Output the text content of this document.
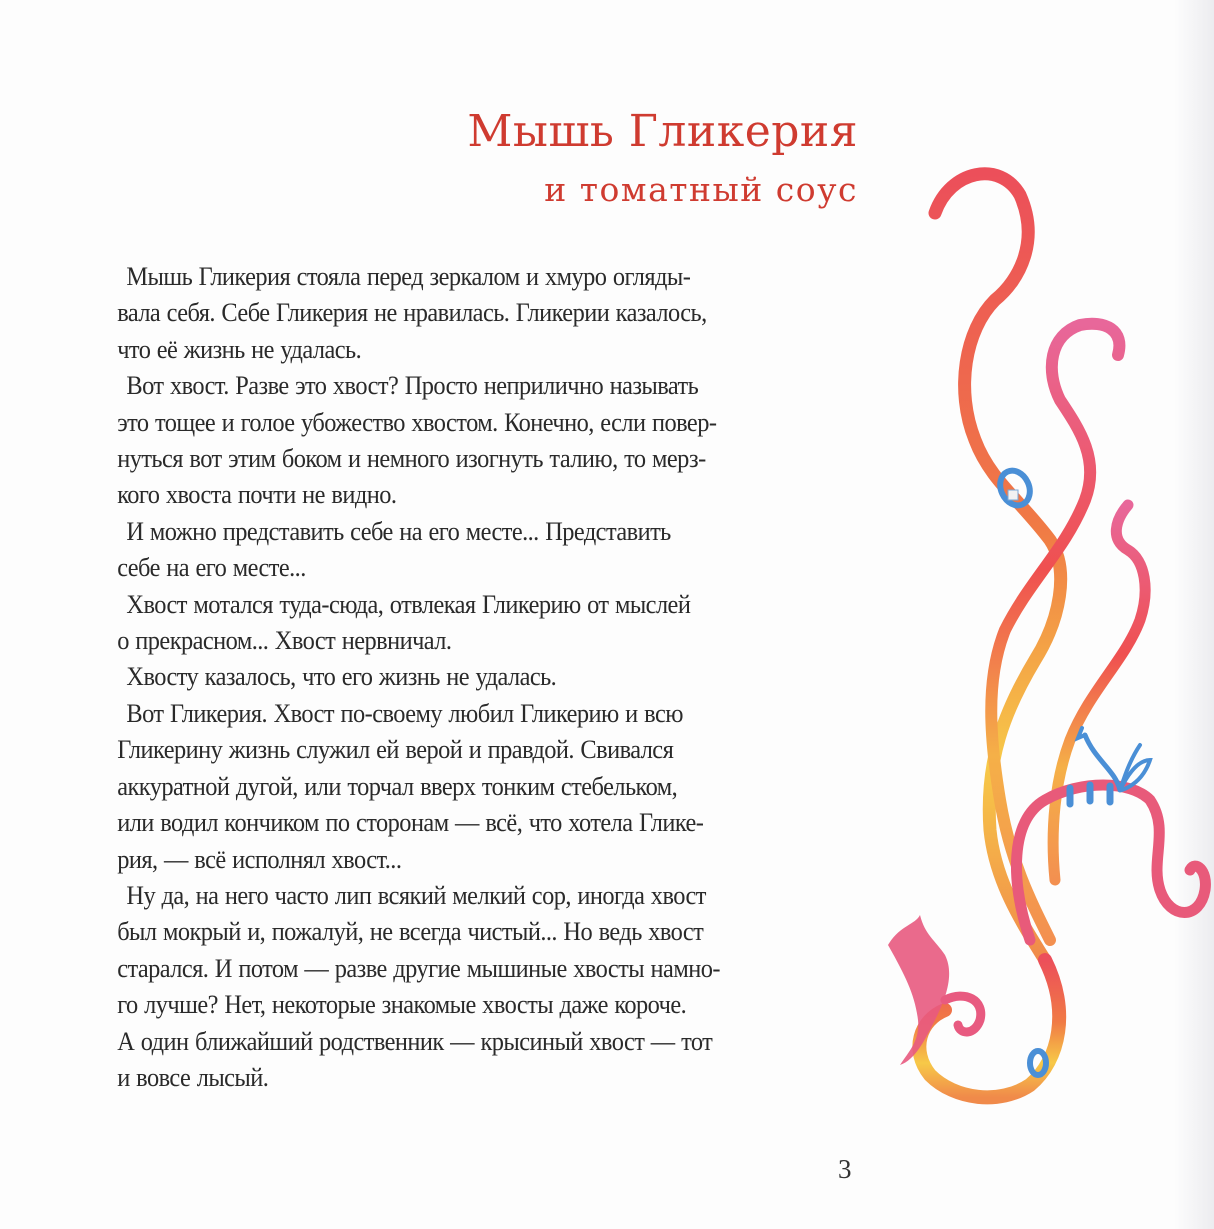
Мышь Гликерия
и томатный соус

Мышь Гликерия стояла перед зеркалом и хмуро огляды-
вала себя. Себе Гликерия не нравилась. Гликерии казалось,
что её жизнь не удалась.

Вот хвост. Разве это хвост? Просто неприлично называть
это тощее и голое убожество хвостом. Конечно, если повер-
нуться вот этим боком и немного изогнуть талию, то мерз-
кого хвоста почти не видно.

И можно представить себе на его месте... Представить
себе на его месте...

Хвост мотался туда-сюда, отвлекая Гликерию от мыслей
о прекрасном... Хвост нервничал.

Хвосту казалось, что его жизнь не удалась.

Вот Гликерия. Хвост по-своему любил Гликерию и всю
Гликерину жизнь служил ей верой и правдой. Свивался
аккуратной дугой, или торчал вверх тонким стебельком,
или водил кончиком по сторонам — всё, что хотела Глике-
рия, — всё исполнял хвост...

Ну да, на него часто лип всякий мелкий сор, иногда хвост
был мокрый и, пожалуй, не всегда чистый... Но ведь хвост
старался. И потом — разве другие мышиные хвосты намно-
го лучше? Нет, некоторые знакомые хвосты даже короче.
А один ближайший родственник — крысиный хвост — тот
и вовсе лысый.

3
